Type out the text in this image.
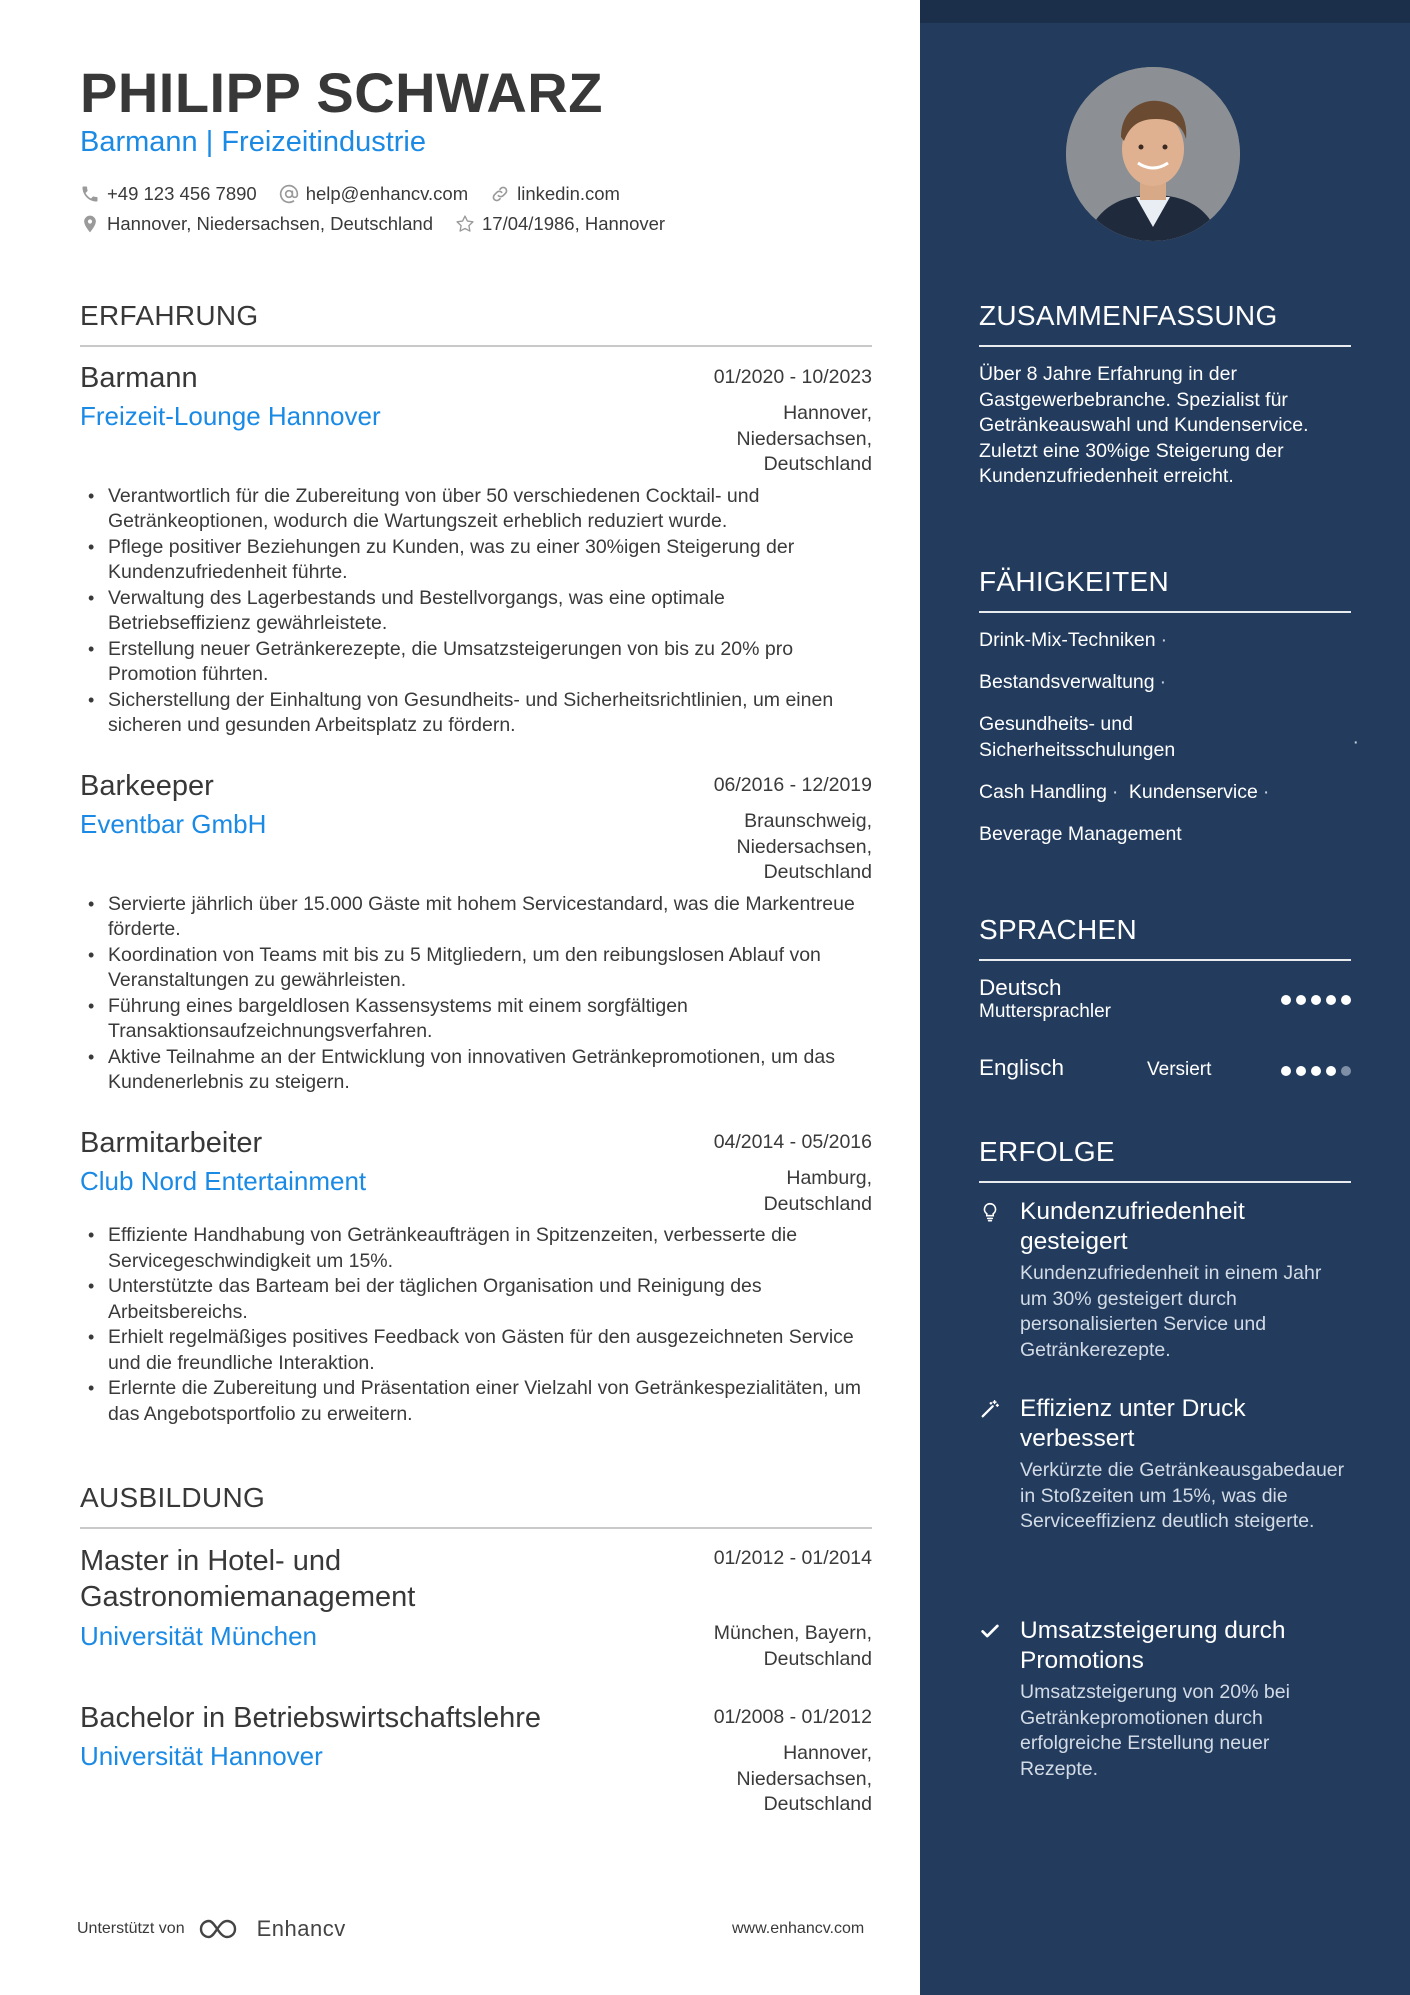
PHILIPP SCHWARZ
Barmann | Freizeitindustrie
+49 123 456 7890	help@enhancv.com	linkedin.com
Hannover, Niedersachsen, Deutschland	17/04/1986, Hannover
ERFAHRUNG
Barmann	01/2020 - 10/2023
Freizeit-Lounge Hannover	Hannover, Niedersachsen, Deutschland
• Verantwortlich für die Zubereitung von über 50 verschiedenen Cocktail- und Getränkeoptionen, wodurch die Wartungszeit erheblich reduziert wurde.
• Pflege positiver Beziehungen zu Kunden, was zu einer 30%igen Steigerung der Kundenzufriedenheit führte.
• Verwaltung des Lagerbestands und Bestellvorgangs, was eine optimale Betriebseffizienz gewährleistete.
• Erstellung neuer Getränkerezepte, die Umsatzsteigerungen von bis zu 20% pro Promotion führten.
• Sicherstellung der Einhaltung von Gesundheits- und Sicherheitsrichtlinien, um einen sicheren und gesunden Arbeitsplatz zu fördern.
Barkeeper	06/2016 - 12/2019
Eventbar GmbH	Braunschweig, Niedersachsen, Deutschland
• Servierte jährlich über 15.000 Gäste mit hohem Servicestandard, was die Markentreue förderte.
• Koordination von Teams mit bis zu 5 Mitgliedern, um den reibungslosen Ablauf von Veranstaltungen zu gewährleisten.
• Führung eines bargeldlosen Kassensystems mit einem sorgfältigen Transaktionsaufzeichnungsverfahren.
• Aktive Teilnahme an der Entwicklung von innovativen Getränkepromotionen, um das Kundenerlebnis zu steigern.
Barmitarbeiter	04/2014 - 05/2016
Club Nord Entertainment	Hamburg, Deutschland
• Effiziente Handhabung von Getränkeaufträgen in Spitzenzeiten, verbesserte die Servicegeschwindigkeit um 15%.
• Unterstützte das Barteam bei der täglichen Organisation und Reinigung des Arbeitsbereichs.
• Erhielt regelmäßiges positives Feedback von Gästen für den ausgezeichneten Service und die freundliche Interaktion.
• Erlernte die Zubereitung und Präsentation einer Vielzahl von Getränkespezialitäten, um das Angebotsportfolio zu erweitern.
AUSBILDUNG
Master in Hotel- und Gastronomiemanagement
01/2012 - 01/2014
Universität München	München, Bayern, Deutschland
Bachelor in Betriebswirtschaftslehre	01/2008 - 01/2012
Universität Hannover	Hannover, Niedersachsen, Deutschland
Unterstützt von	Enhancv	www.enhancv.com
ZUSAMMENFASSUNG
Über 8 Jahre Erfahrung in der Gastgewerbebranche. Spezialist für Getränkeauswahl und Kundenservice. Zuletzt eine 30%ige Steigerung der Kundenzufriedenheit erreicht.
FÄHIGKEITEN
Drink-Mix-Techniken ·
Bestandsverwaltung ·
Gesundheits- und Sicherheitsschulungen	·
Cash Handling · Kundenservice ·
Beverage Management
SPRACHEN
Deutsch
Muttersprachler
Englisch	Versiert
ERFOLGE
Kundenzufriedenheit gesteigert
Kundenzufriedenheit in einem Jahr um 30% gesteigert durch personalisierten Service und Getränkerezepte.
Effizienz unter Druck verbessert
Verkürzte die Getränkeausgabedauer in Stoßzeiten um 15%, was die Serviceeffizienz deutlich steigerte.
Umsatzsteigerung durch Promotions
Umsatzsteigerung von 20% bei Getränkepromotionen durch erfolgreiche Erstellung neuer Rezepte.
